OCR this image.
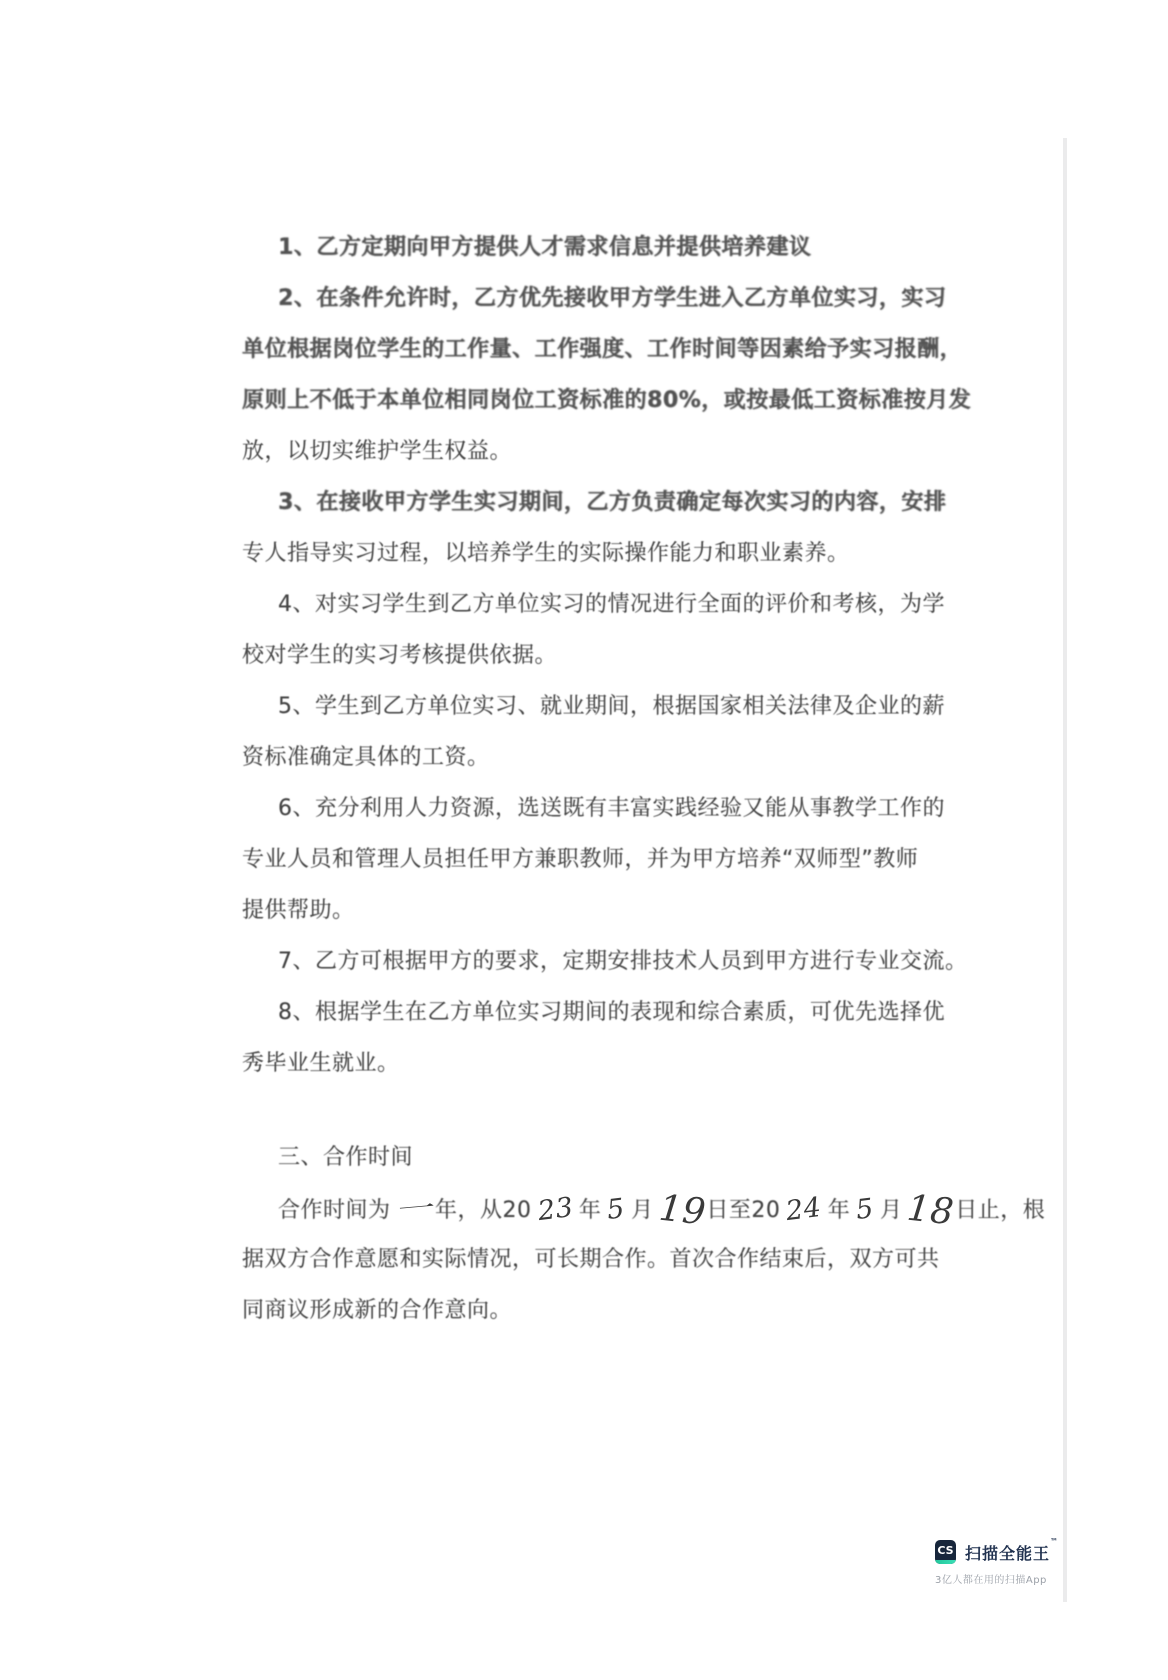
1、乙方定期向甲方提供人才需求信息并提供培养建议
2、在条件允许时，乙方优先接收甲方学生进入乙方单位实习，实习
单位根据岗位学生的工作量、工作强度、工作时间等因素给予实习报酬，
原则上不低于本单位相同岗位工资标准的80%，或按最低工资标准按月发
放，以切实维护学生权益。
3、在接收甲方学生实习期间，乙方负责确定每次实习的内容，安排
专人指导实习过程，以培养学生的实际操作能力和职业素养。
4、对实习学生到乙方单位实习的情况进行全面的评价和考核，为学
校对学生的实习考核提供依据。
5、学生到乙方单位实习、就业期间，根据国家相关法律及企业的薪
资标准确定具体的工资。
6、充分利用人力资源，选送既有丰富实践经验又能从事教学工作的
专业人员和管理人员担任甲方兼职教师，并为甲方培养“双师型”教师
提供帮助。
7、乙方可根据甲方的要求，定期安排技术人员到甲方进行专业交流。
8、根据学生在乙方单位实习期间的表现和综合素质，可优先选择优
秀毕业生就业。
三、合作时间
合作时间为一年，从20 23 年 5 月19日至20 24 年 5 月18日止，根
据双方合作意愿和实际情况，可长期合作。首次合作结束后，双方可共
同商议形成新的合作意向。
CS 扫描全能王™
3亿人都在用的扫描App
